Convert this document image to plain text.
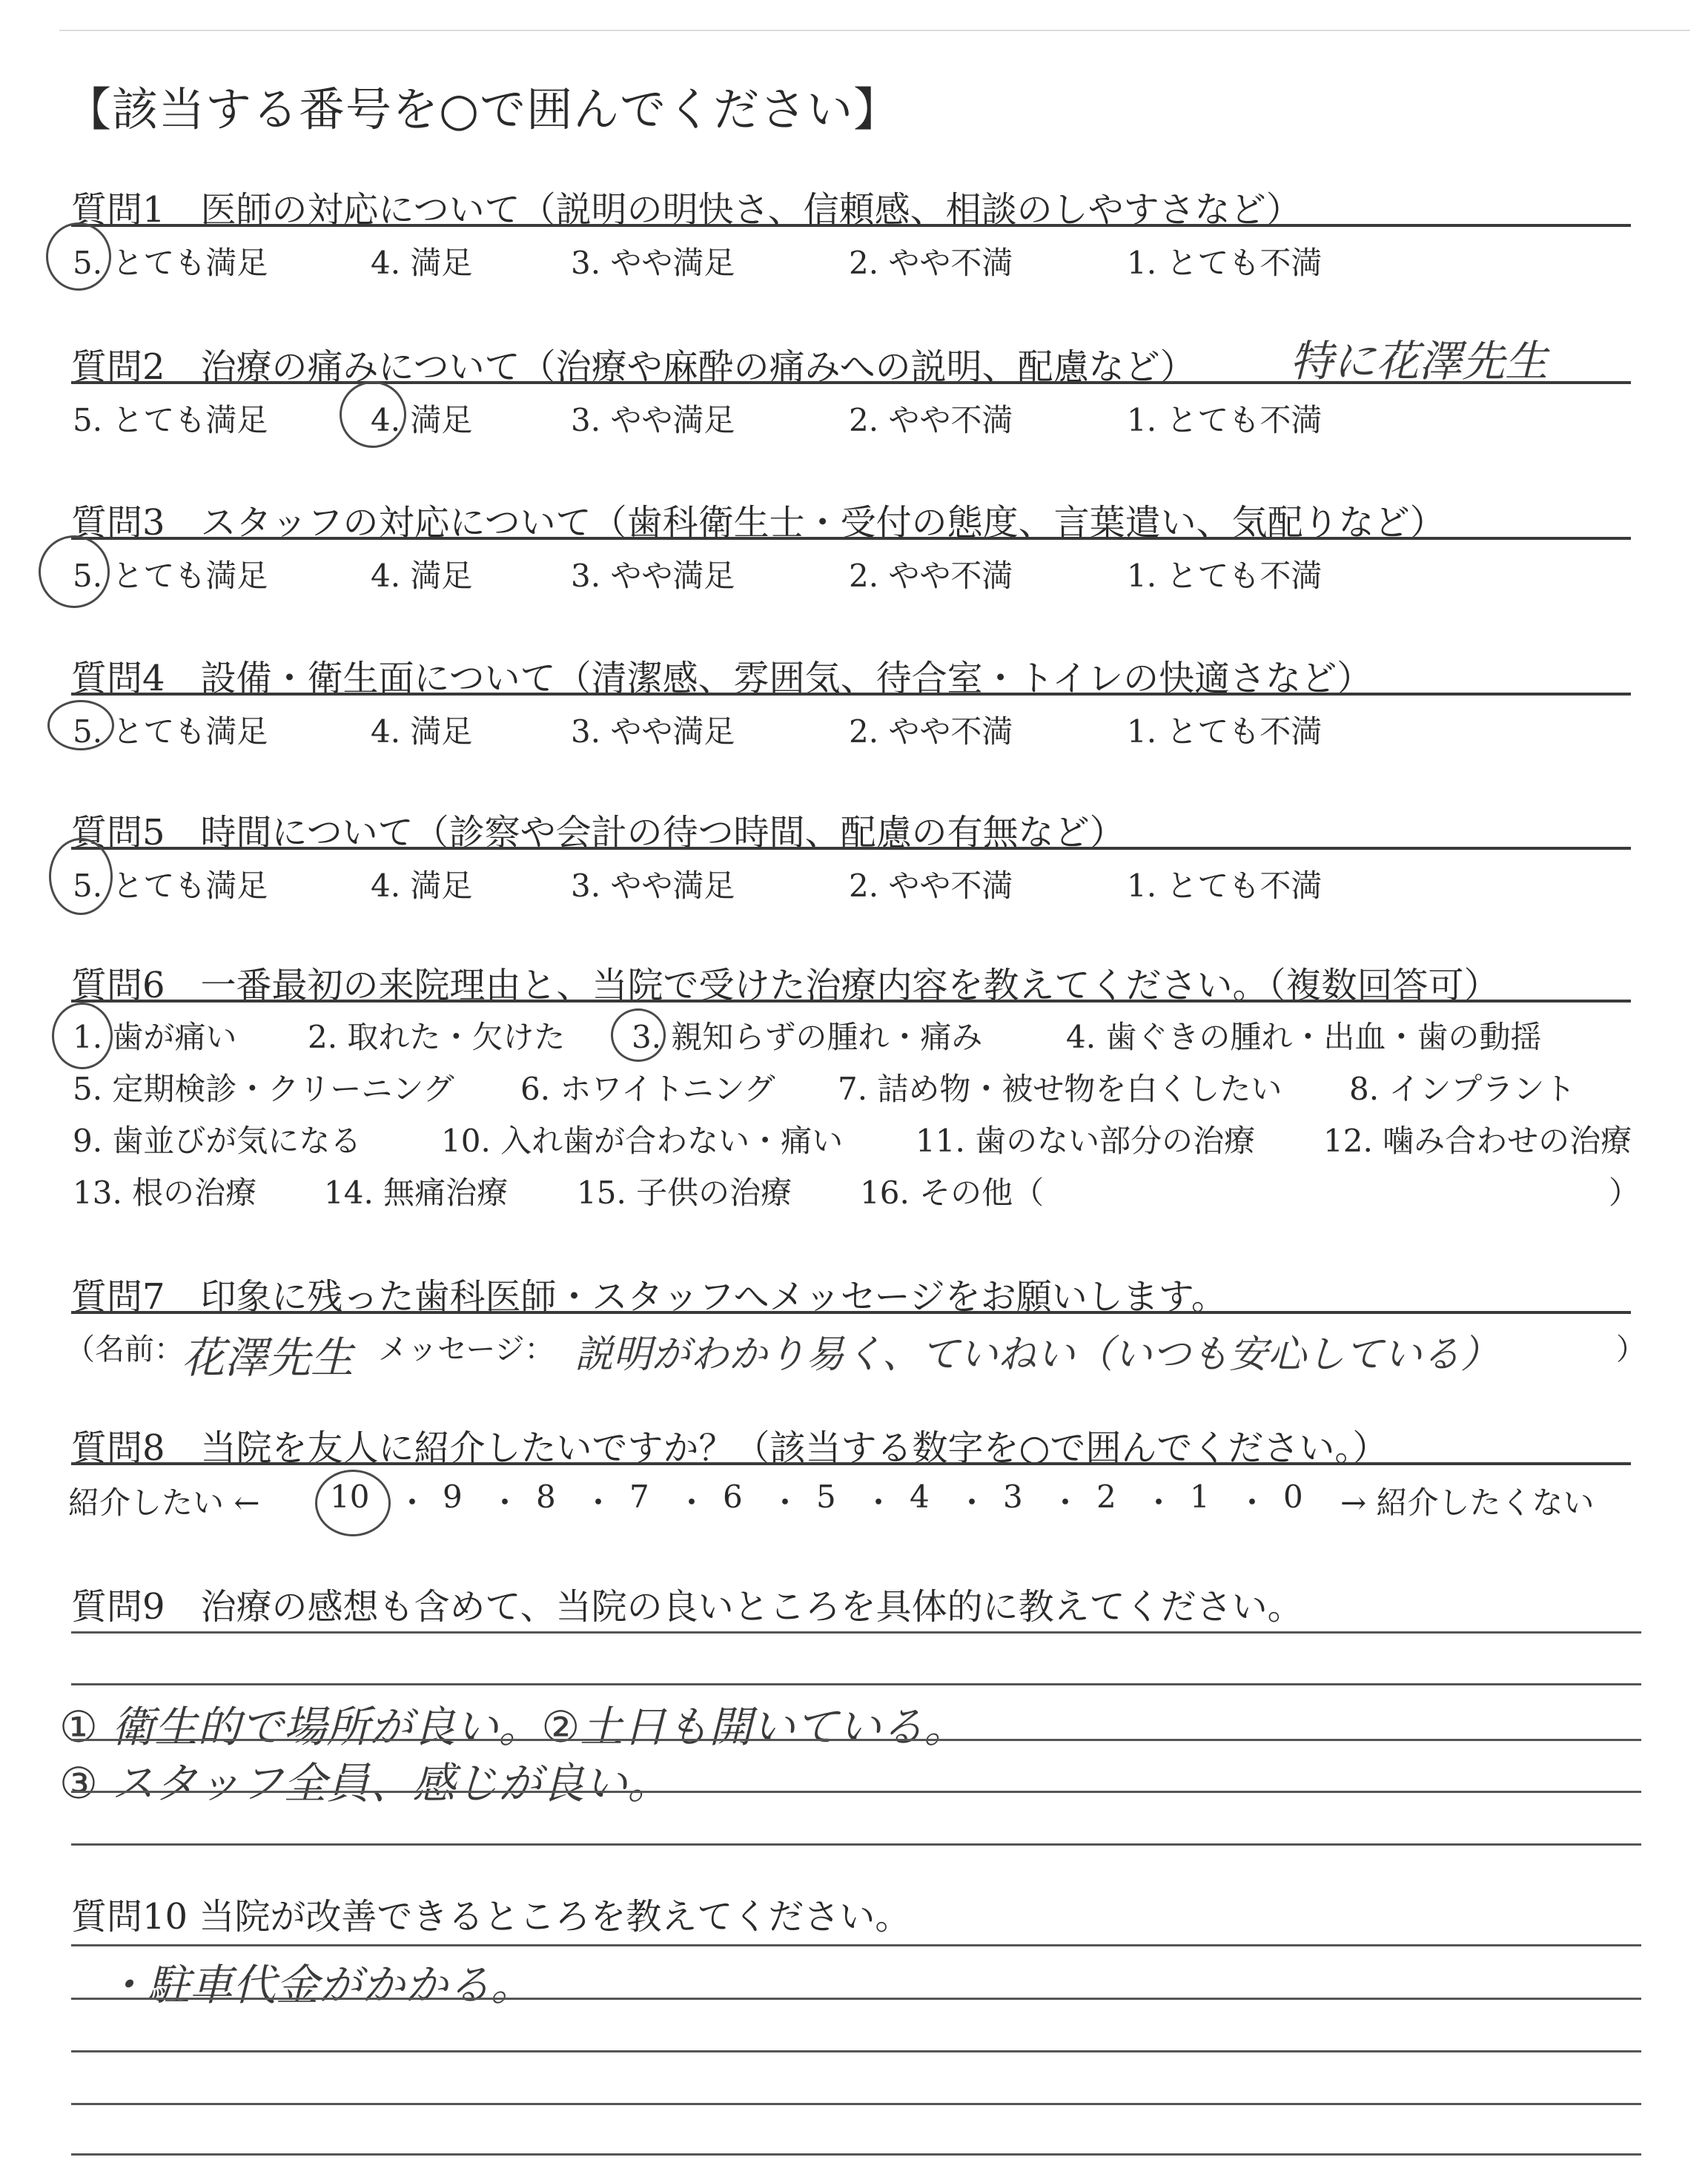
【該当する番号を○で囲んでください】
質問1　医師の対応について（説明の明快さ、信頼感、相談のしやすさなど）
5. とても満足	4. 満足	3. やや満足	2. やや不満	1. とても不満
質問2　治療の痛みについて（治療や麻酔の痛みへの説明、配慮など） 特に花澤先生
5. とても満足	4. 満足	3. やや満足	2. やや不満	1. とても不満
質問3　スタッフの対応について（歯科衛生士・受付の態度、言葉遣い、気配りなど）
5. とても満足	4. 満足	3. やや満足	2. やや不満	1. とても不満
質問4　設備・衛生面について（清潔感、雰囲気、待合室・トイレの快適さなど）
5. とても満足	4. 満足	3. やや満足	2. やや不満	1. とても不満
質問5　時間について（診察や会計の待つ時間、配慮の有無など）
5. とても満足	4. 満足	3. やや満足	2. やや不満	1. とても不満
質問6　一番最初の来院理由と、当院で受けた治療内容を教えてください。（複数回答可）
1. 歯が痛い 2. 取れた・欠けた 3. 親知らずの腫れ・痛み	4. 歯ぐきの腫れ・出血・歯の動揺
5. 定期検診・クリーニング 6. ホワイトニング 7. 詰め物・被せ物を白くしたい 8. インプラント
9. 歯並びが気になる	10. 入れ歯が合わない・痛い 11. 歯のない部分の治療 12. 噛み合わせの治療
13. 根の治療 14. 無痛治療 15. 子供の治療 16. その他（	）
質問7　印象に残った歯科医師・スタッフへメッセージをお願いします。
（名前：
花澤先生 メッセージ： 説明がわかり易く、ていねい（いつも安心している）	）
質問8　当院を友人に紹介したいですか？（該当する数字を○で囲んでください。）
紹介したい ← 10 ・ 9 ・ 8 ・ 7 ・ 6 ・ 5 ・ 4 ・ 3 ・ 2 ・ 1 ・ 0 → 紹介したくない
質問9　治療の感想も含めて、当院の良いところを具体的に教えてください。
① 衛生的で場所が良い。②土日も開いている。
③ スタッフ全員、感じが良い。
質問10 当院が改善できるところを教えてください。
・駐車代金がかかる。
